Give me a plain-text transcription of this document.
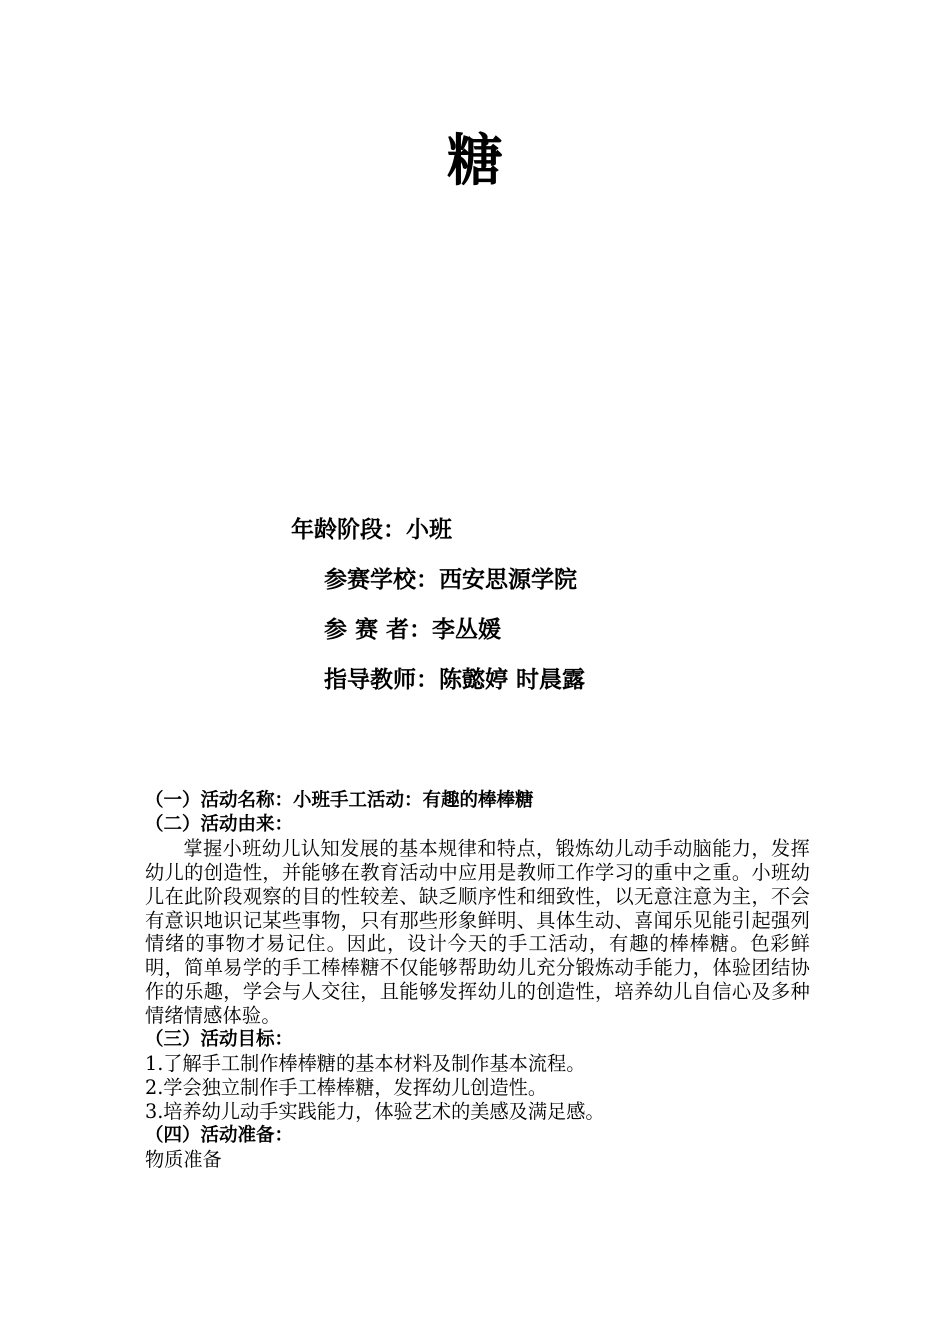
糖

年龄阶段：小班

参赛学校：西安思源学院

参 赛 者：李丛媛

指导教师：陈懿婷 时晨露

（一）活动名称：小班手工活动：有趣的棒棒糖
（二）活动由来：

掌握小班幼儿认知发展的基本规律和特点，锻炼幼儿动手动脑能力，发挥幼儿的创造性，并能够在教育活动中应用是教师工作学习的重中之重。小班幼儿在此阶段观察的目的性较差、缺乏顺序性和细致性，以无意注意为主，不会有意识地识记某些事物，只有那些形象鲜明、具体生动、喜闻乐见能引起强列情绪的事物才易记住。因此，设计今天的手工活动，有趣的棒棒糖。色彩鲜明，简单易学的手工棒棒糖不仅能够帮助幼儿充分锻炼动手能力，体验团结协作的乐趣，学会与人交往，且能够发挥幼儿的创造性，培养幼儿自信心及多种情绪情感体验。

（三）活动目标：

1.了解手工制作棒棒糖的基本材料及制作基本流程。

2.学会独立制作手工棒棒糖，发挥幼儿创造性。

3.培养幼儿动手实践能力，体验艺术的美感及满足感。

（四）活动准备：

物质准备
